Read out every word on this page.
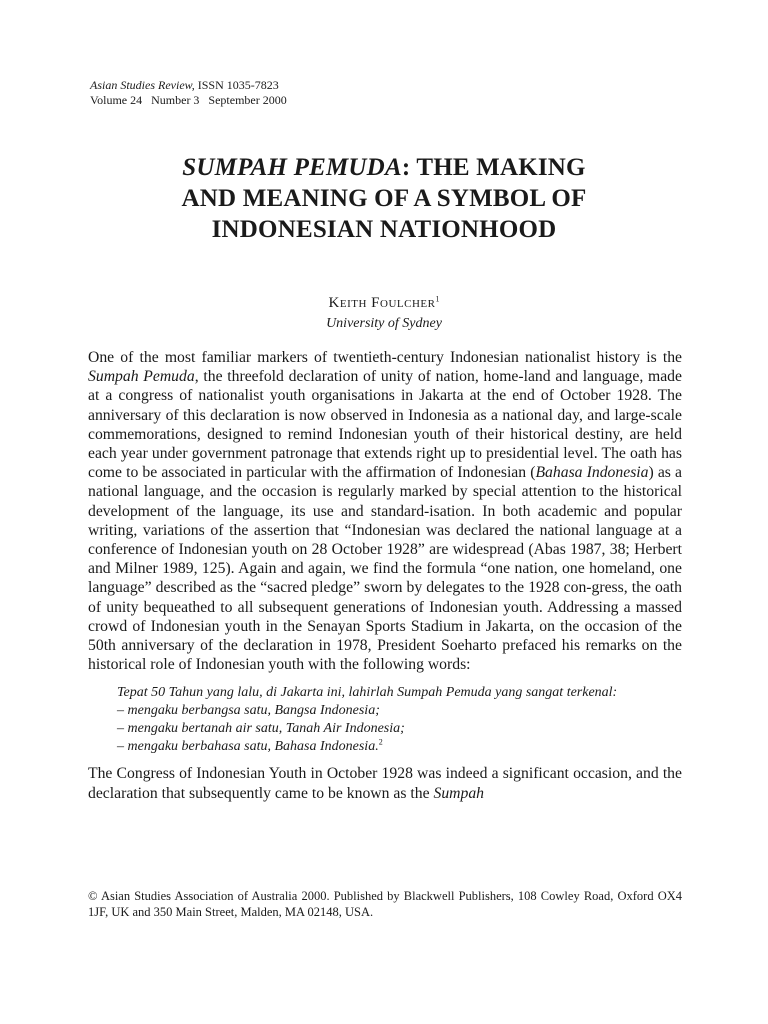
Asian Studies Review, ISSN 1035-7823
Volume 24   Number 3   September 2000
SUMPAH PEMUDA: THE MAKING
AND MEANING OF A SYMBOL OF
INDONESIAN NATIONHOOD
Keith Foulcher$^1$
University of Sydney

One of the most familiar markers of twentieth-century Indonesian nationalist history is the Sumpah Pemuda, the threefold declaration of unity of nation, home-land and language, made at a congress of nationalist youth organisations in Jakarta at the end of October 1928. The anniversary of this declaration is now observed in Indonesia as a national day, and large-scale commemorations, designed to remind Indonesian youth of their historical destiny, are held each year under government patronage that extends right up to presidential level. The oath has come to be associated in particular with the affirmation of Indonesian (Bahasa Indonesia) as a national language, and the occasion is regularly marked by special attention to the historical development of the language, its use and standard-isation. In both academic and popular writing, variations of the assertion that “Indonesian was declared the national language at a conference of Indonesian youth on 28 October 1928” are widespread (Abas 1987, 38; Herbert and Milner 1989, 125). Again and again, we find the formula “one nation, one homeland, one language” described as the “sacred pledge” sworn by delegates to the 1928 con-gress, the oath of unity bequeathed to all subsequent generations of Indonesian youth. Addressing a massed crowd of Indonesian youth in the Senayan Sports Stadium in Jakarta, on the occasion of the 50th anniversary of the declaration in 1978, President Soeharto prefaced his remarks on the historical role of Indonesian youth with the following words:

Tepat 50 Tahun yang lalu, di Jakarta ini, lahirlah Sumpah Pemuda yang sangat terkenal:
– mengaku berbangsa satu, Bangsa Indonesia;
– mengaku bertanah air satu, Tanah Air Indonesia;
– mengaku berbahasa satu, Bahasa Indonesia.$^2$

The Congress of Indonesian Youth in October 1928 was indeed a significant occasion, and the declaration that subsequently came to be known as the Sumpah

© Asian Studies Association of Australia 2000. Published by Blackwell Publishers, 108 Cowley Road, Oxford OX4 1JF, UK and 350 Main Street, Malden, MA 02148, USA.
